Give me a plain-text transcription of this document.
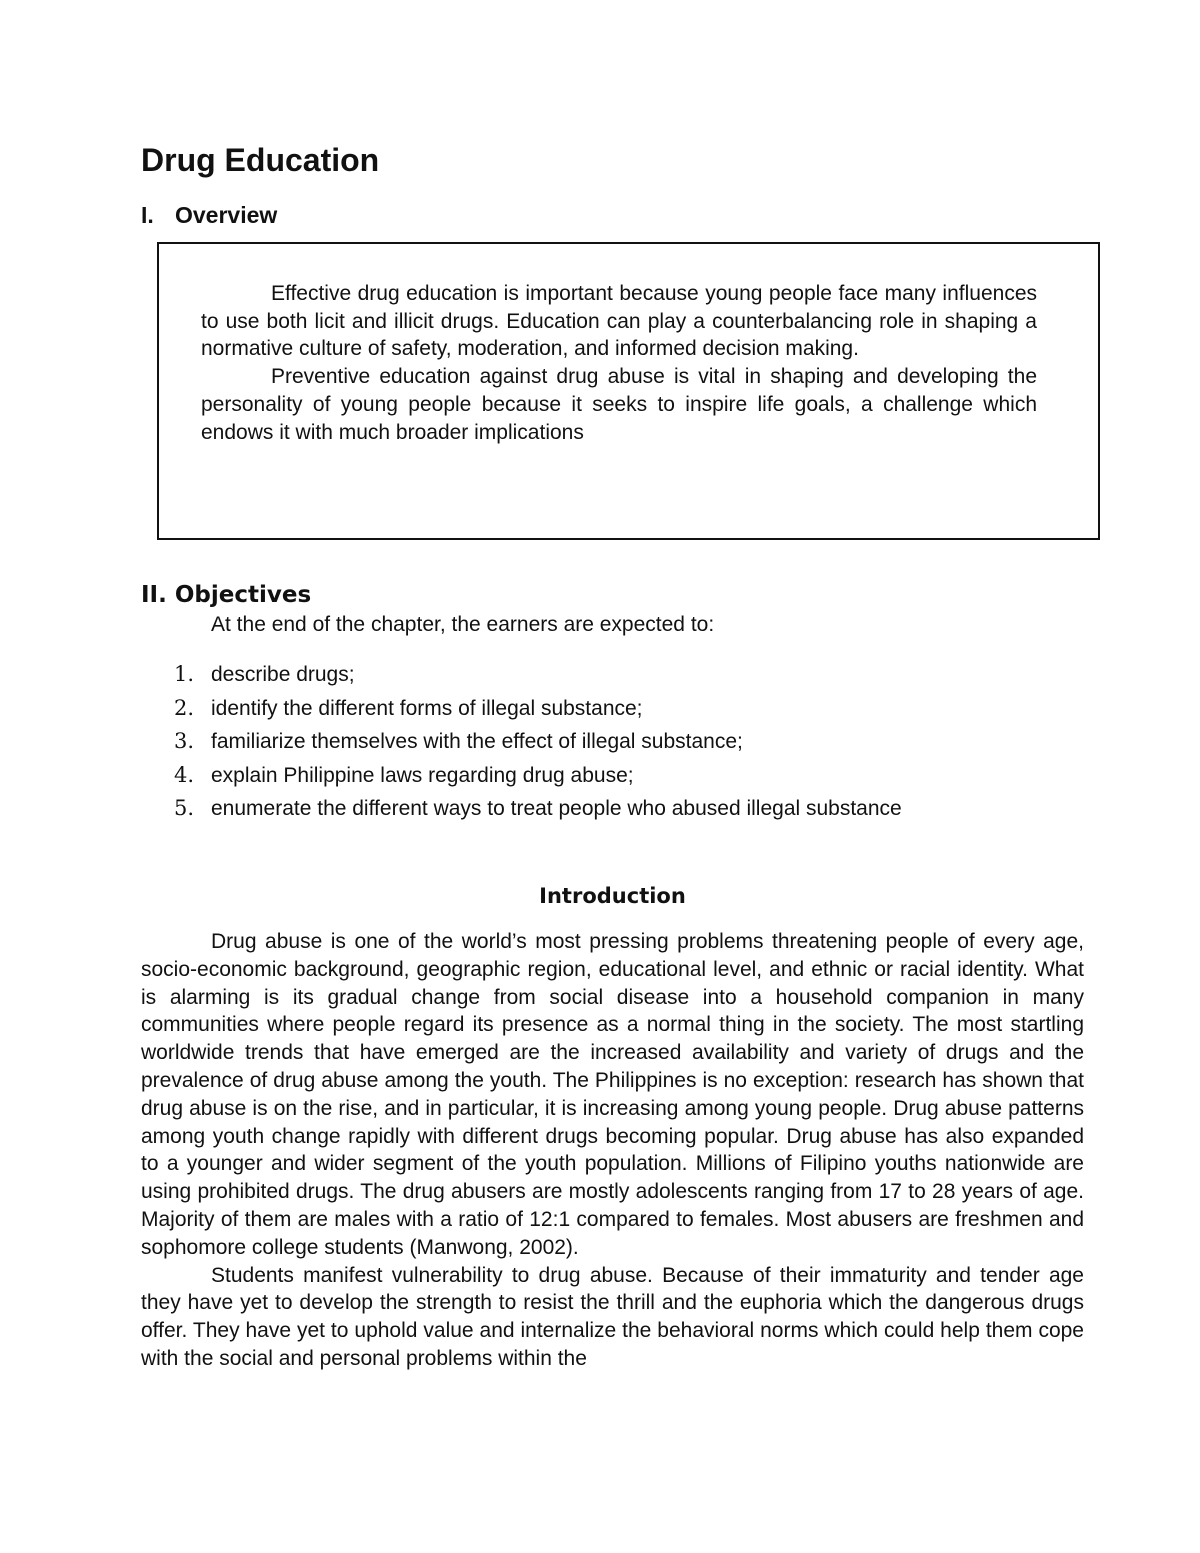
Drug Education
I. Overview

Effective drug education is important because young people face many influences to use both licit and illicit drugs. Education can play a counterbalancing role in shaping a normative culture of safety, moderation, and informed decision making.

Preventive education against drug abuse is vital in shaping and developing the personality of young people because it seeks to inspire life goals, a challenge which endows it with much broader implications

II. Objectives

At the end of the chapter, the earners are expected to:

1. describe drugs;
2. identify the different forms of illegal substance;
3. familiarize themselves with the effect of illegal substance;
4. explain Philippine laws regarding drug abuse;
5. enumerate the different ways to treat people who abused illegal substance
Introduction

Drug abuse is one of the world’s most pressing problems threatening people of every age, socio-economic background, geographic region, educational level, and ethnic or racial identity. What is alarming is its gradual change from social disease into a household companion in many communities where people regard its presence as a normal thing in the society. The most startling worldwide trends that have emerged are the increased availability and variety of drugs and the prevalence of drug abuse among the youth. The Philippines is no exception: research has shown that drug abuse is on the rise, and in particular, it is increasing among young people. Drug abuse patterns among youth change rapidly with different drugs becoming popular. Drug abuse has also expanded to a younger and wider segment of the youth population. Millions of Filipino youths nationwide are using prohibited drugs. The drug abusers are mostly adolescents ranging from 17 to 28 years of age. Majority of them are males with a ratio of 12:1 compared to females. Most abusers are freshmen and sophomore college students (Manwong, 2002).

Students manifest vulnerability to drug abuse. Because of their immaturity and tender age they have yet to develop the strength to resist the thrill and the euphoria which the dangerous drugs offer. They have yet to uphold value and internalize the behavioral norms which could help them cope with the social and personal problems within the
